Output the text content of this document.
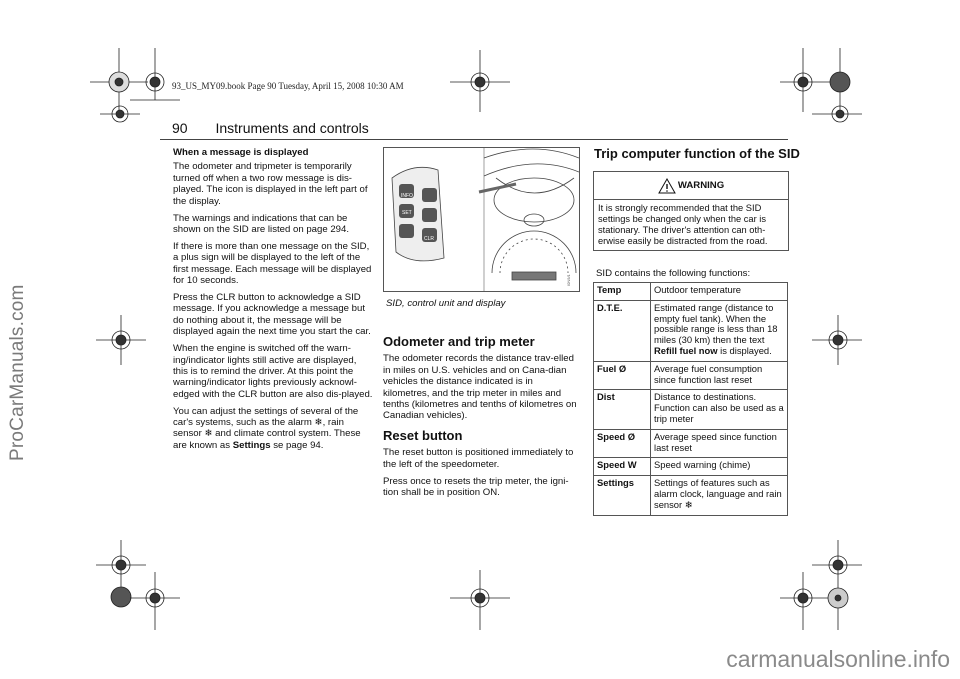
ProCarManuals.com
carmanualsonline.info
93_US_MY09.book Page 90 Tuesday, April 15, 2008 10:30 AM
90 Instruments and controls

When a message is displayed

The odometer and tripmeter is temporarily turned off when a two row message is dis-played. The icon is displayed in the left part of the display.

The warnings and indications that can be shown on the SID are listed on page 294.

If there is more than one message on the SID, a plus sign will be displayed to the left of the first message. Each message will be displayed for 10 seconds.

Press the CLR button to acknowledge a SID message. If you acknowledge a message but do nothing about it, the message will be displayed again the next time you start the car.

When the engine is switched off the warn-ing/indicator lights still active are displayed, this is to remind the driver. At this point the warning/indicator lights previously acknowl-edged with the CLR button are also dis-played.

You can adjust the settings of several of the car's systems, such as the alarm ❄, rain sensor ❄ and climate control system. These are known as Settings se page 94.

INFO
SET
CLR
I0N9/1
SID, control unit and display
Odometer and trip meter

The odometer records the distance trav-elled in miles on U.S. vehicles and on Cana-dian vehicles the distance indicated is in kilometres, and the trip meter in miles and tenths (kilometres and tenths of kilometres on Canadian vehicles).

Reset button

The reset button is positioned immediately to the left of the speedometer.

Press once to resets the trip meter, the igni-tion shall be in position ON.

Trip computer function of the SID
WARNING
It is strongly recommended that the SID settings be changed only when the car is stationary. The driver's attention can oth-erwise easily be distracted from the road.
SID contains the following functions:
Temp	Outdoor temperature
D.T.E.	Estimated range (distance to empty fuel tank). When the possible range is less than 18 miles (30 km) then the text Refill fuel now is displayed.
Fuel Ø	Average fuel consumption since function last reset
Dist	Distance to destinations. Function can also be used as a trip meter
Speed Ø	Average speed since function last reset
Speed W	Speed warning (chime)
Settings	Settings of features such as alarm clock, language and rain sensor ❄
